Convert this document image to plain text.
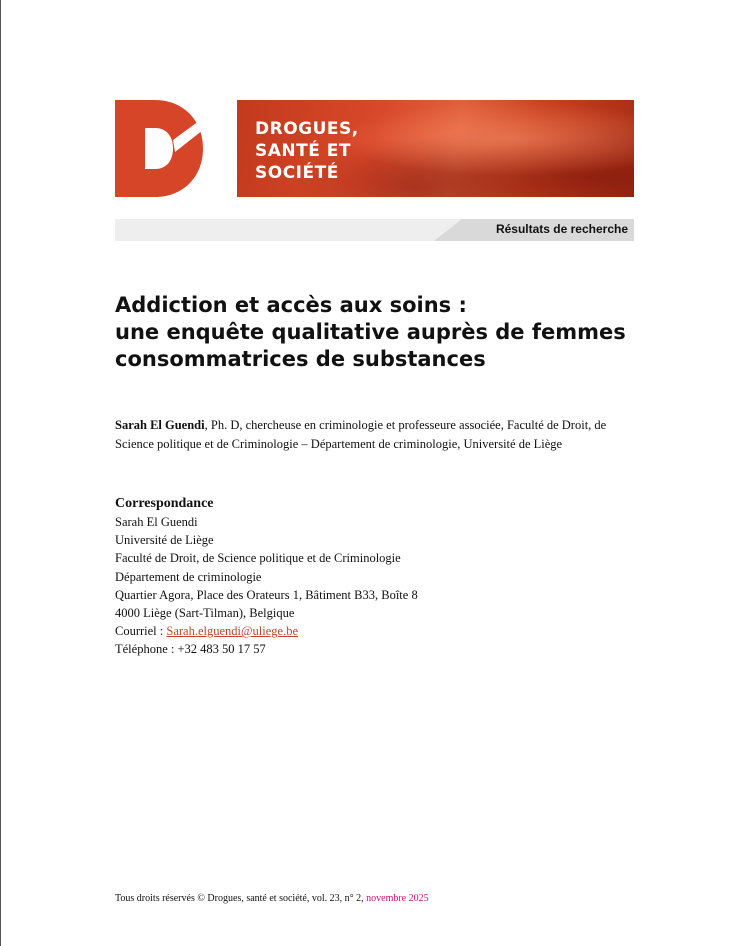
DROGUES,
SANTÉ ET
SOCIÉTÉ
Résultats de recherche
Addiction et accès aux soins :
une enquête qualitative auprès de femmes
consommatrices de substances
Sarah El Guendi, Ph. D, chercheuse en criminologie et professeure associée, Faculté de Droit, de Science politique et de Criminologie – Département de criminologie, Université de Liège
Correspondance
Sarah El Guendi
Université de Liège
Faculté de Droit, de Science politique et de Criminologie
Département de criminologie
Quartier Agora, Place des Orateurs 1, Bâtiment B33, Boîte 8
4000 Liège (Sart-Tilman), Belgique
Courriel : Sarah.elguendi@uliege.be
Téléphone : +32 483 50 17 57
Tous droits réservés © Drogues, santé et société, vol. 23, n° 2, novembre 2025
